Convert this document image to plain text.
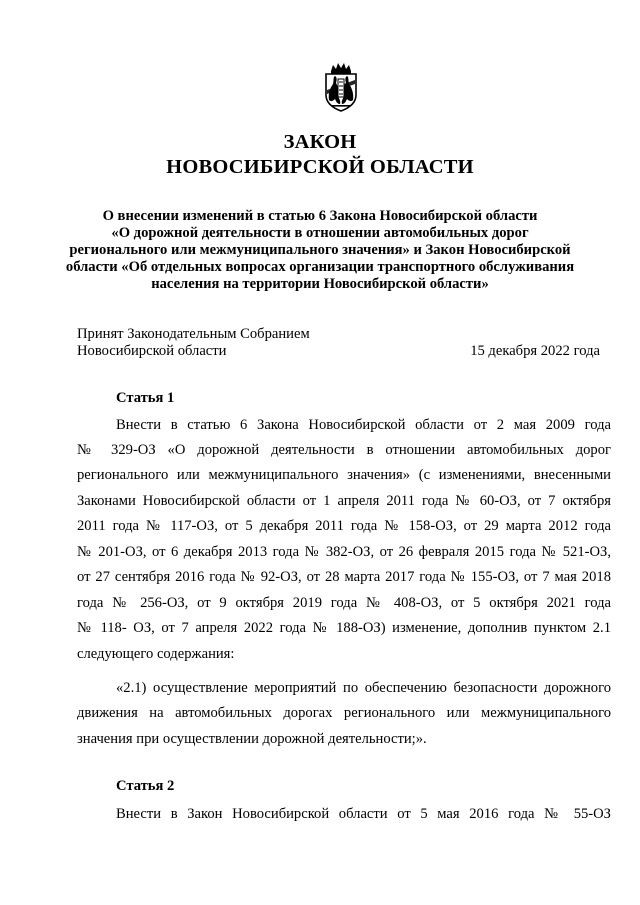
ЗАКОН
НОВОСИБИРСКОЙ ОБЛАСТИ
О внесении изменений в статью 6 Закона Новосибирской области
«О дорожной деятельности в отношении автомобильных дорог
регионального или межмуниципального значения» и Закон Новосибирской
области «Об отдельных вопросах организации транспортного обслуживания
населения на территории Новосибирской области»
Принят Законодательным Собранием
Новосибирской области	15 декабря 2022 года
Статья 1
Внести в статью 6 Закона Новосибирской области от 2 мая 2009 года
№ 329-ОЗ «О дорожной деятельности в отношении автомобильных дорог
регионального или межмуниципального значения» (с изменениями, внесенными
Законами Новосибирской области от 1 апреля 2011 года № 60-ОЗ, от 7 октября
2011 года № 117-ОЗ, от 5 декабря 2011 года № 158-ОЗ, от 29 марта 2012 года
№ 201-ОЗ, от 6 декабря 2013 года № 382-ОЗ, от 26 февраля 2015 года № 521-ОЗ,
от 27 сентября 2016 года № 92-ОЗ, от 28 марта 2017 года № 155-ОЗ, от 7 мая 2018
года № 256-ОЗ, от 9 октября 2019 года № 408-ОЗ, от 5 октября 2021 года
№ 118- ОЗ, от 7 апреля 2022 года № 188-ОЗ) изменение, дополнив пунктом 2.1
следующего содержания:
«2.1) осуществление мероприятий по обеспечению безопасности дорожного
движения на автомобильных дорогах регионального или межмуниципального
значения при осуществлении дорожной деятельности;».
Статья 2
Внести в Закон Новосибирской области от 5 мая 2016 года № 55-ОЗ
